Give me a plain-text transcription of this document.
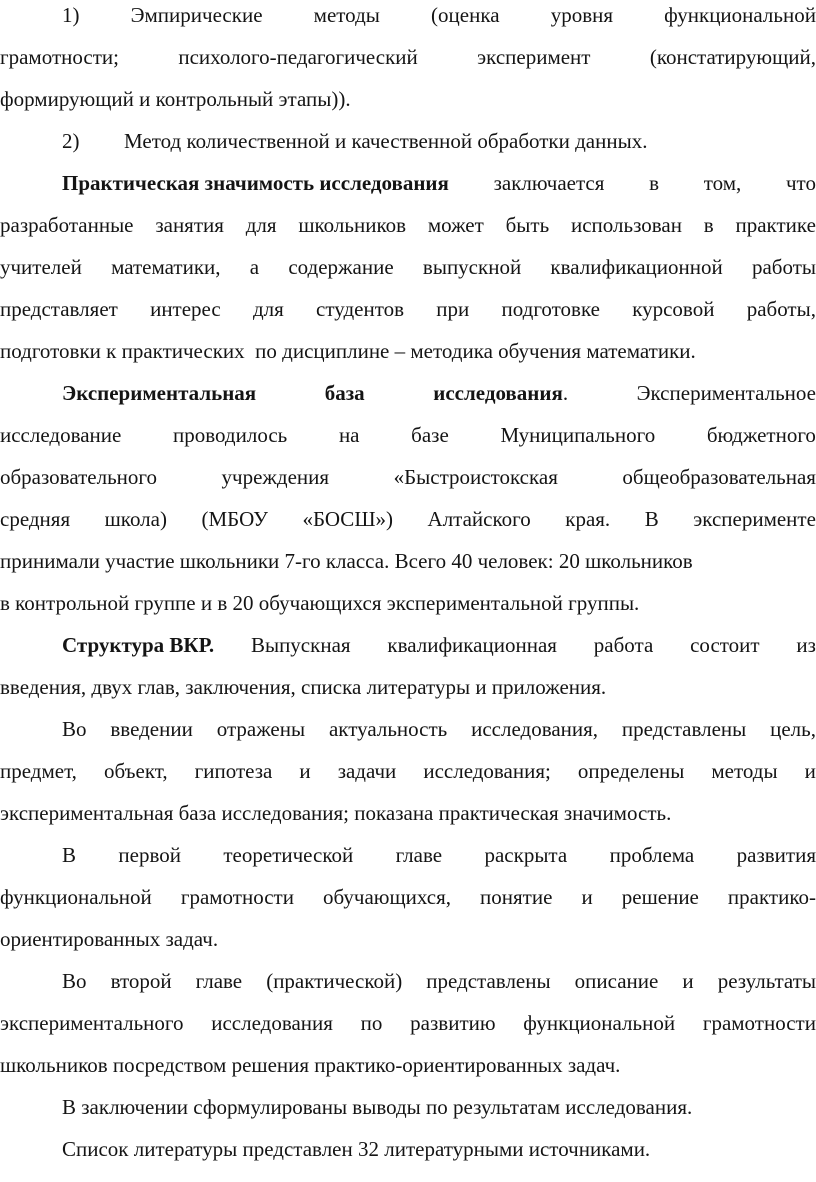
1) Эмпирические методы (оценка уровня функциональной
грамотности;	психолого-педагогический	эксперимент	(констатирующий,
формирующий и контрольный этапы)).
2)	Метод количественной и качественной обработки данных.
Практическая значимость исследования заключается в том, что
разработанные занятия для школьников может быть использован в практике
учителей математики, а содержание выпускной квалификационной работы
представляет интерес для студентов при подготовке курсовой работы,
подготовки к практических  по дисциплине – методика обучения математики.
Экспериментальная	база	исследования.	Экспериментальное
исследование проводилось на базе Муниципального бюджетного
образовательного	учреждения	«Быстроистокская	общеобразовательная
средняя школа) (МБОУ «БОСШ») Алтайского края. В эксперименте
принимали участие школьники 7-го класса. Всего 40 человек: 20 школьников
в контрольной группе и в 20 обучающихся экспериментальной группы.
Структура ВКР. Выпускная квалификационная работа состоит из
введения, двух глав, заключения, списка литературы и приложения.
Во введении отражены актуальность исследования, представлены цель,
предмет, объект, гипотеза и задачи исследования; определены методы и
экспериментальная база исследования; показана практическая значимость.
В первой теоретической главе раскрыта проблема развития
функциональной грамотности обучающихся, понятие и решение практико-
ориентированных задач.
Во второй главе (практической) представлены описание и результаты
экспериментального исследования по развитию функциональной грамотности
школьников посредством решения практико-ориентированных задач.
В заключении сформулированы выводы по результатам исследования.
Список литературы представлен 32 литературными источниками.
